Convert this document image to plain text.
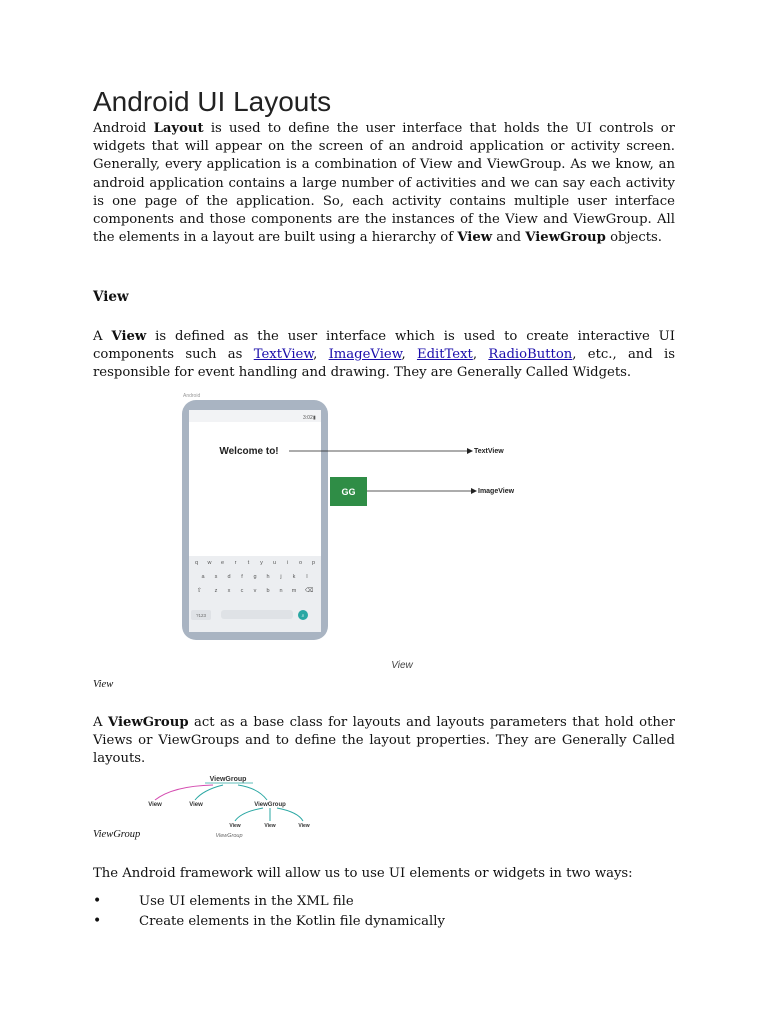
Android UI Layouts

Android Layout is used to define the user interface that holds the UI controls or widgets that will appear on the screen of an android application or activity screen. Generally, every application is a combination of View and ViewGroup. As we know, an android application contains a large number of activities and we can say each activity is one page of the application. So, each activity contains multiple user interface components and those components are the instances of the View and ViewGroup. All the elements in a layout are built using a hierarchy of View and ViewGroup objects.

View

A View is defined as the user interface which is used to create interactive UI components such as TextView, ImageView, EditText, RadioButton, etc., and is responsible for event handling and drawing. They are Generally Called Widgets.

Android
3:02 ▮
Welcome to!	TextView
GG	ImageView
q w e r t y u i o p
a s d f g h j k l
z x c v b n m
⇧	⌫
?123	⌕
View
View

A ViewGroup act as a base class for layouts and layouts parameters that hold other Views or ViewGroups and to define the layout properties. They are Generally Called layouts.

ViewGroup
View	View	ViewGroup
View	View	View
ViewGroup
ViewGroup

The Android framework will allow us to use UI elements or widgets in two ways:

• Use UI elements in the XML file
• Create elements in the Kotlin file dynamically
